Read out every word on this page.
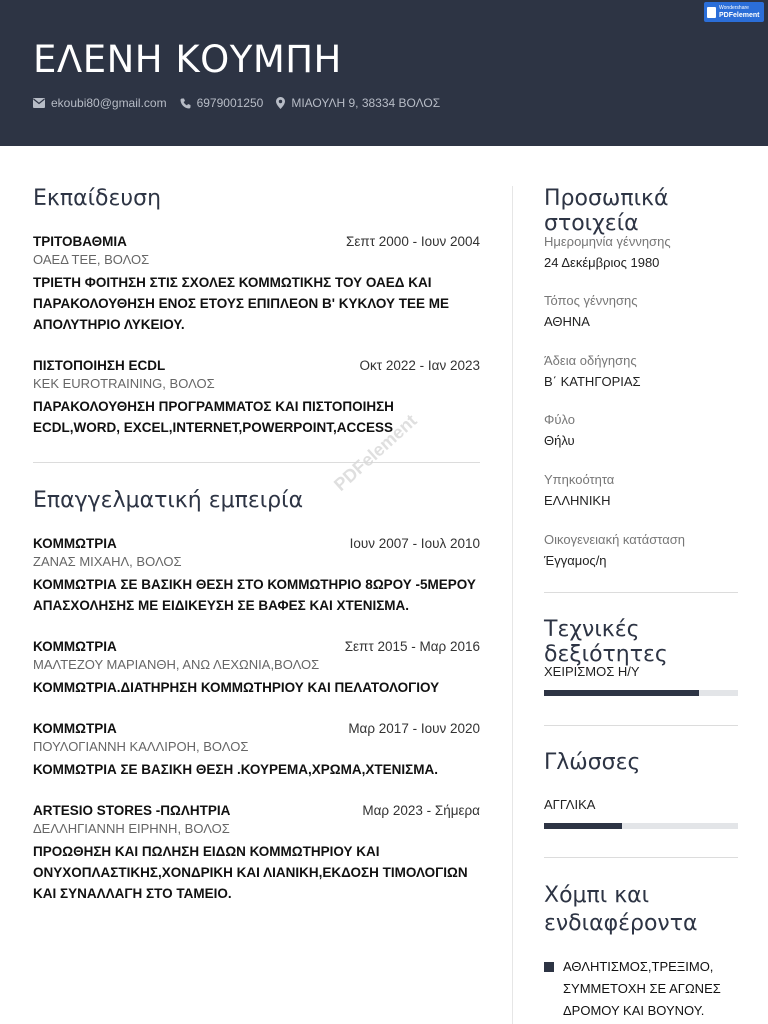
ΕΛΕΝΗ ΚΟΥΜΠΗ
ekoubi80@gmail.com	6979001250 ΜΙΑΟΥΛΗ 9, 38334 ΒΟΛΟΣ
Wondershare
PDFelement
Εκπαίδευση
ΤΡΙΤΟΒΑΘΜΙΑ	Σεπτ 2000 - Ιουν 2004
ΟΑΕΔ ΤΕΕ, ΒΟΛΟΣ
ΤΡΙΕΤΗ ΦΟΙΤΗΣΗ ΣΤΙΣ ΣΧΟΛΕΣ ΚΟΜΜΩΤΙΚΗΣ ΤΟΥ ΟΑΕΔ ΚΑΙ ΠΑΡΑΚΟΛΟΥΘΗΣΗ ΕΝΟΣ ΕΤΟΥΣ ΕΠΙΠΛΕΟΝ Β' ΚΥΚΛΟΥ ΤΕΕ ΜΕ ΑΠΟΛΥΤΗΡΙΟ ΛΥΚΕΙΟΥ.
ΠΙΣΤΟΠΟΙΗΣΗ ECDL	Οκτ 2022 - Ιαν 2023
ΚΕΚ EUROTRAINING, ΒΟΛΟΣ
ΠΑΡΑΚΟΛΟΥΘΗΣΗ ΠΡΟΓΡΑΜΜΑΤΟΣ ΚΑΙ ΠΙΣΤΟΠΟΙΗΣΗ ECDL,WORD, EXCEL,INTERNET,POWERPOINT,ACCESS
Επαγγελματική εμπειρία
ΚΟΜΜΩΤΡΙΑ	Ιουν 2007 - Ιουλ 2010
ΖΑΝΑΣ ΜΙΧΑΗΛ, ΒΟΛΟΣ
ΚΟΜΜΩΤΡΙΑ ΣΕ ΒΑΣΙΚΗ ΘΕΣΗ ΣΤΟ ΚΟΜΜΩΤΗΡΙΟ 8ΩΡΟΥ -5ΜΕΡΟΥ ΑΠΑΣΧΟΛΗΣΗΣ ΜΕ ΕΙΔΙΚΕΥΣΗ ΣΕ ΒΑΦΕΣ ΚΑΙ ΧΤΕΝΙΣΜΑ.
ΚΟΜΜΩΤΡΙΑ	Σεπτ 2015 - Μαρ 2016
ΜΑΛΤΕΖΟΥ ΜΑΡΙΑΝΘΗ, ΑΝΩ ΛΕΧΩΝΙΑ,ΒΟΛΟΣ
ΚΟΜΜΩΤΡΙΑ.ΔΙΑΤΗΡΗΣΗ ΚΟΜΜΩΤΗΡΙΟΥ ΚΑΙ ΠΕΛΑΤΟΛΟΓΙΟΥ
ΚΟΜΜΩΤΡΙΑ	Μαρ 2017 - Ιουν 2020
ΠΟΥΛΟΓΙΑΝΝΗ ΚΑΛΛΙΡΟΗ, ΒΟΛΟΣ
ΚΟΜΜΩΤΡΙΑ ΣΕ ΒΑΣΙΚΗ ΘΕΣΗ .ΚΟΥΡΕΜΑ,ΧΡΩΜΑ,ΧΤΕΝΙΣΜΑ.
ARTESIO STORES -ΠΩΛΗΤΡΙΑ	Μαρ 2023 - Σήμερα
ΔΕΛΛΗΓΙΑΝΝΗ ΕΙΡΗΝΗ, ΒΟΛΟΣ
ΠΡΟΩΘΗΣΗ ΚΑΙ ΠΩΛΗΣΗ ΕΙΔΩΝ ΚΟΜΜΩΤΗΡΙΟΥ ΚΑΙ ΟΝΥΧΟΠΛΑΣΤΙΚΗΣ,ΧΟΝΔΡΙΚΗ ΚΑΙ ΛΙΑΝΙΚΗ,ΕΚΔΟΣΗ ΤΙΜΟΛΟΓΙΩΝ ΚΑΙ ΣΥΝΑΛΛΑΓΗ ΣΤΟ ΤΑΜΕΙΟ.
PDFelement
Προσωπικά στοιχεία
Ημερομηνία γέννησης
24 Δεκέμβριος 1980
Τόπος γέννησης
ΑΘΗΝΑ
Άδεια οδήγησης
Β΄ ΚΑΤΗΓΟΡΙΑΣ
Φύλο
Θήλυ
Υπηκοότητα
ΕΛΛΗΝΙΚΗ
Οικογενειακή κατάσταση
Έγγαμος/η
Τεχνικές δεξιότητες
ΧΕΙΡΙΣΜΟΣ Η/Υ
Γλώσσες
ΑΓΓΛΙΚΑ
Χόμπι και
ενδιαφέροντα
ΑΘΛΗΤΙΣΜΟΣ,ΤΡΕΞΙΜΟ, ΣΥΜΜΕΤΟΧΗ ΣΕ ΑΓΩΝΕΣ ΔΡΟΜΟΥ ΚΑΙ ΒΟΥΝΟΥ.
